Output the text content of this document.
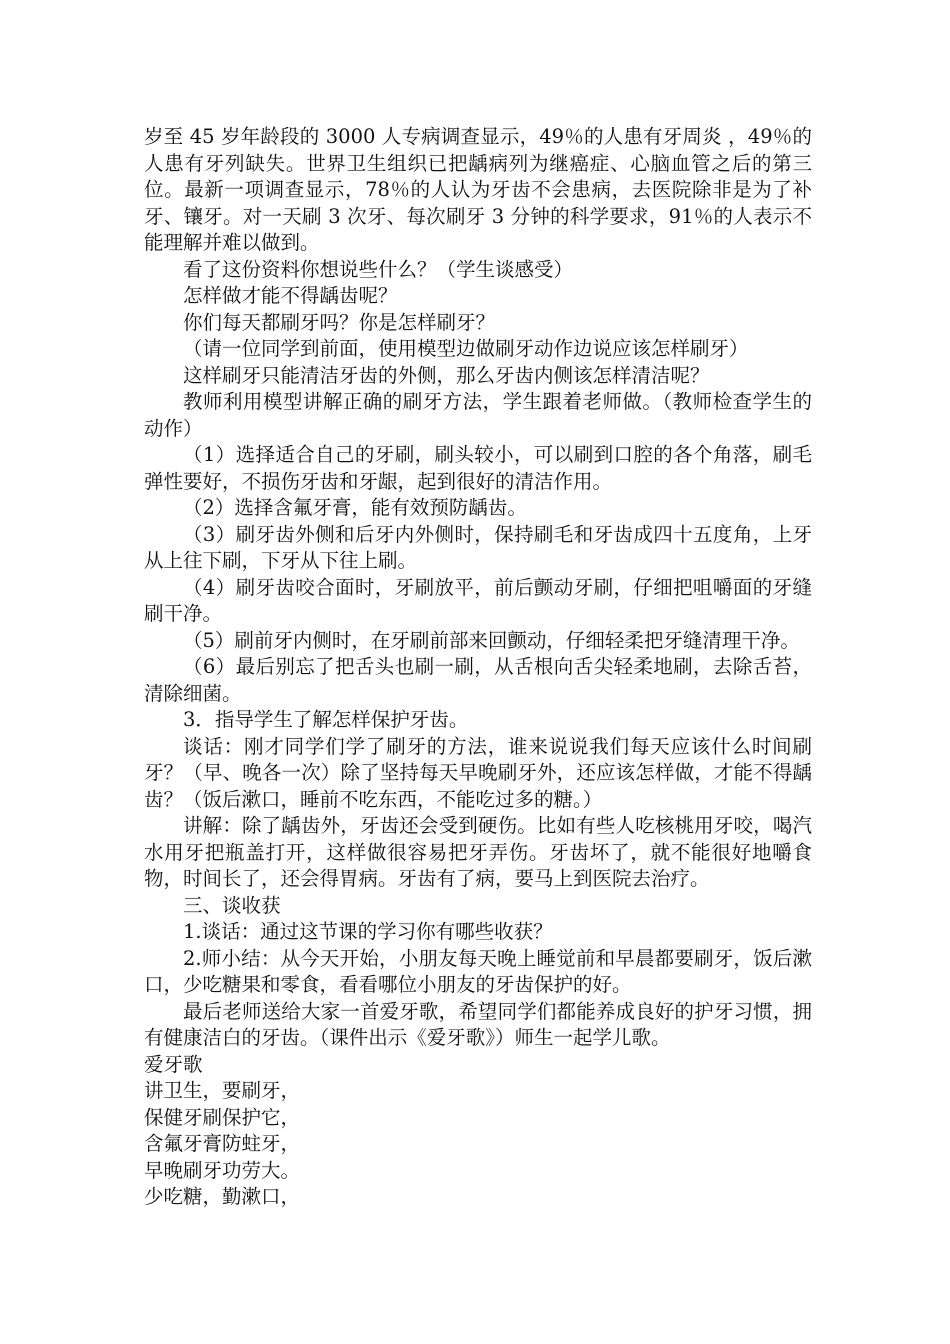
岁至 45 岁年龄段的 3000 人专病调查显示，49％的人患有牙周炎 ，49％的人患有牙列缺失。世界卫生组织已把龋病列为继癌症、心脑血管之后的第三位。最新一项调查显示，78％的人认为牙齿不会患病，去医院除非是为了补牙、镶牙。对一天刷 3 次牙、每次刷牙 3 分钟的科学要求，91％的人表示不能理解并难以做到。

看了这份资料你想说些什么？（学生谈感受）

怎样做才能不得龋齿呢？

你们每天都刷牙吗？你是怎样刷牙？

（请一位同学到前面，使用模型边做刷牙动作边说应该怎样刷牙）

这样刷牙只能清洁牙齿的外侧，那么牙齿内侧该怎样清洁呢？

教师利用模型讲解正确的刷牙方法，学生跟着老师做。（教师检查学生的动作）

（1）选择适合自己的牙刷，刷头较小，可以刷到口腔的各个角落，刷毛弹性要好，不损伤牙齿和牙龈，起到很好的清洁作用。

（2）选择含氟牙膏，能有效预防龋齿。

（3）刷牙齿外侧和后牙内外侧时，保持刷毛和牙齿成四十五度角，上牙从上往下刷，下牙从下往上刷。

（4）刷牙齿咬合面时，牙刷放平，前后颤动牙刷，仔细把咀嚼面的牙缝刷干净。

（5）刷前牙内侧时，在牙刷前部来回颤动，仔细轻柔把牙缝清理干净。

（6）最后别忘了把舌头也刷一刷，从舌根向舌尖轻柔地刷，去除舌苔，清除细菌。

3．指导学生了解怎样保护牙齿。

谈话：刚才同学们学了刷牙的方法，谁来说说我们每天应该什么时间刷牙？（早、晚各一次）除了坚持每天早晚刷牙外，还应该怎样做，才能不得龋齿？（饭后漱口，睡前不吃东西，不能吃过多的糖。）

讲解：除了龋齿外，牙齿还会受到硬伤。比如有些人吃核桃用牙咬，喝汽水用牙把瓶盖打开，这样做很容易把牙弄伤。牙齿坏了，就不能很好地嚼食物，时间长了，还会得胃病。牙齿有了病，要马上到医院去治疗。

三、谈收获

1.谈话：通过这节课的学习你有哪些收获？

2.师小结：从今天开始，小朋友每天晚上睡觉前和早晨都要刷牙，饭后漱口，少吃糖果和零食，看看哪位小朋友的牙齿保护的好。

最后老师送给大家一首爱牙歌，希望同学们都能养成良好的护牙习惯，拥有健康洁白的牙齿。（课件出示《爱牙歌》）师生一起学儿歌。

爱牙歌

讲卫生，要刷牙，

保健牙刷保护它，

含氟牙膏防蛀牙，

早晚刷牙功劳大。

少吃糖，勤漱口，
